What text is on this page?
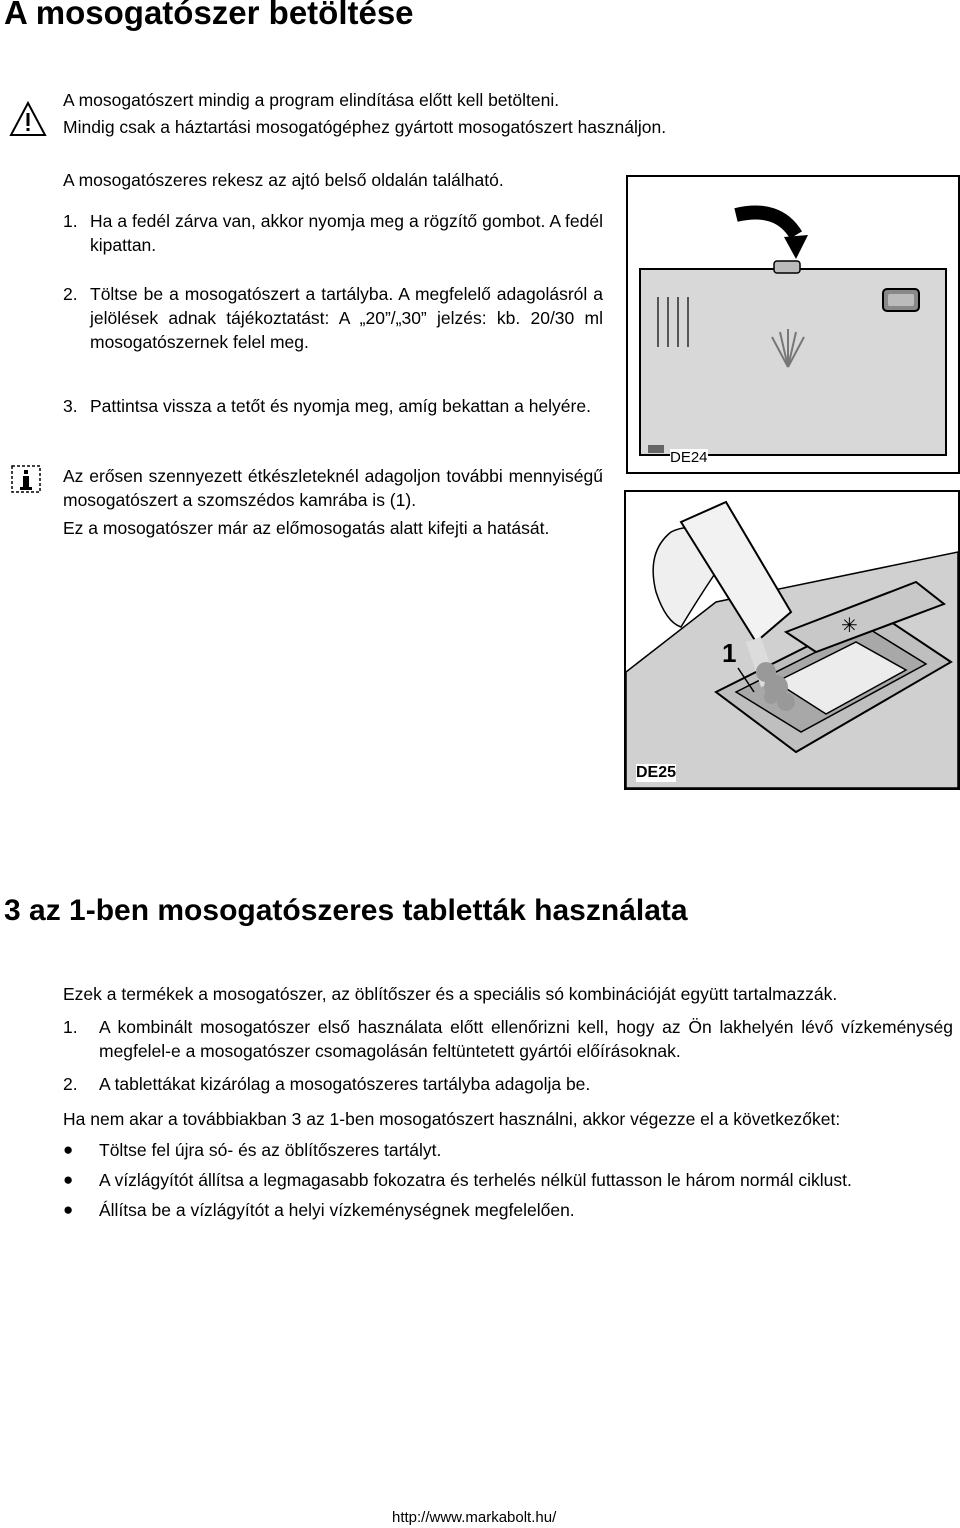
A mosogatószer betöltése

A mosogatószert mindig a program elindítása előtt kell betölteni.

Mindig csak a háztartási mosogatógéphez gyártott mosogatószert használjon.

A mosogatószeres rekesz az ajtó belső oldalán található.

1. Ha a fedél zárva van, akkor nyomja meg a rögzítő gombot. A fedél kipattan.
2. Töltse be a mosogatószert a tartályba. A megfelelő adagolásról a jelölések adnak tájékoztatást: A „20”/„30” jelzés: kb. 20/30 ml mosogatószernek felel meg.
3. Pattintsa vissza a tetőt és nyomja meg, amíg bekattan a helyére.

Az erősen szennyezett étkészleteknél adagoljon további mennyiségű mosogatószert a szomszédos kamrába is (1).

Ez a mosogatószer már az előmosogatás alatt kifejti a hatását.

DE24
✳
1
DE25
3 az 1-ben mosogatószeres tabletták használata

Ezek a termékek a mosogatószer, az öblítőszer és a speciális só kombinációját együtt tartalmazzák.

1. A kombinált mosogatószer első használata előtt ellenőrizni kell, hogy az Ön lakhelyén lévő vízkeménység megfelel-e a mosogatószer csomagolásán feltüntetett gyártói előírásoknak.
2. A tablettákat kizárólag a mosogatószeres tartályba adagolja be.

Ha nem akar a továbbiakban 3 az 1-ben mosogatószert használni, akkor végezze el a következőket:

● Töltse fel újra só- és az öblítőszeres tartályt.

● A vízlágyítót állítsa a legmagasabb fokozatra és terhelés nélkül futtasson le három normál ciklust.

● Állítsa be a vízlágyítót a helyi vízkeménységnek megfelelően.

http://www.markabolt.hu/
